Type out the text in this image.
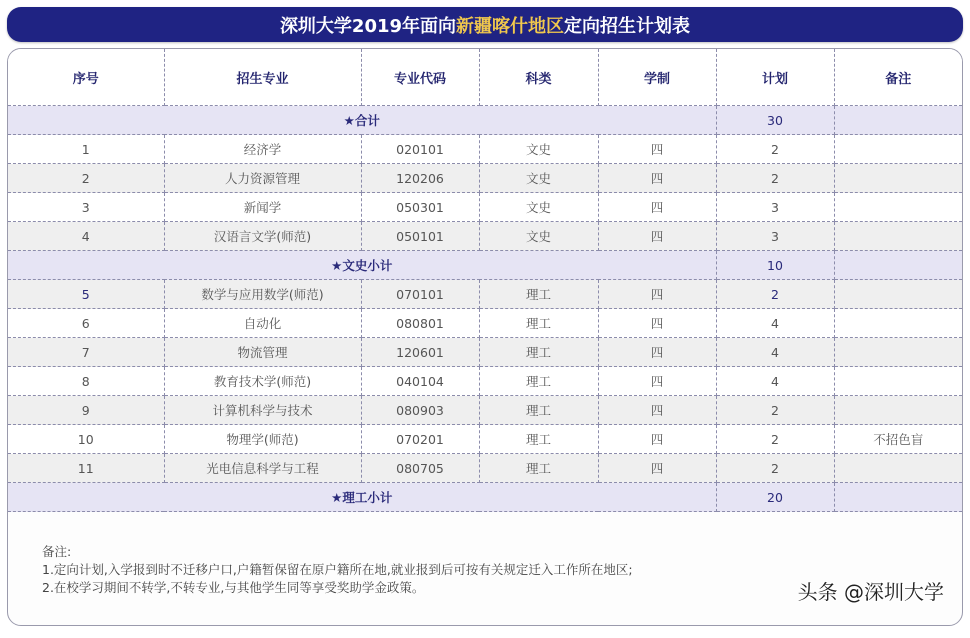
深圳大学2019年面向 新疆喀什地区 定向招生计划表
序号	招生专业	专业代码	科类	学制	计划	备注
★合计					30	
1	经济学	020101	文史	四	2	
2	人力资源管理	120206	文史	四	2	
3	新闻学	050301	文史	四	3	
4	汉语言文学(师范)	050101	文史	四	3	
★文史小计					10	
5	数学与应用数学(师范)	070101	理工	四	2	
6	自动化	080801	理工	四	4	
7	物流管理	120601	理工	四	4	
8	教育技术学(师范)	040104	理工	四	4	
9	计算机科学与技术	080903	理工	四	2	
10	物理学(师范)	070201	理工	四	2	不招色盲
11	光电信息科学与工程	080705	理工	四	2	
★理工小计					20	
备注:
1.定向计划,入学报到时不迁移户口,户籍暂保留在原户籍所在地,就业报到后可按有关规定迁入工作所在地区;
2.在校学习期间不转学,不转专业,与其他学生同等享受奖助学金政策。	头条 @深圳大学
